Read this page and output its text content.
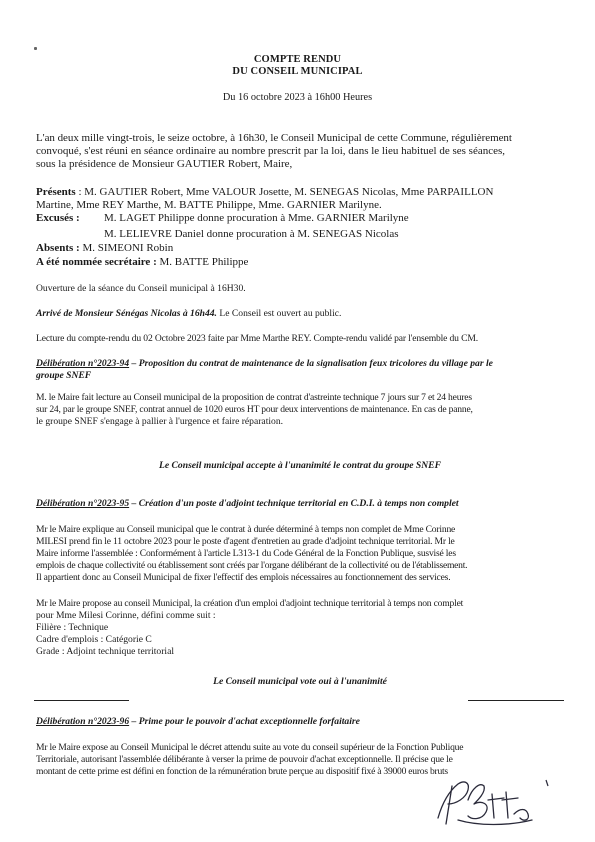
COMPTE RENDU
DU CONSEIL MUNICIPAL
Du 16 octobre 2023 à 16h00 Heures
L'an deux mille vingt-trois, le seize octobre, à 16h30, le Conseil Municipal de cette Commune, régulièrement
convoqué, s'est réuni en séance ordinaire au nombre prescrit par la loi, dans le lieu habituel de ses séances,
sous la présidence de Monsieur GAUTIER Robert, Maire,
Présents : M. GAUTIER Robert, Mme VALOUR Josette, M. SENEGAS Nicolas, Mme PARPAILLON
Martine, Mme REY Marthe, M. BATTE Philippe, Mme. GARNIER Marilyne.
Excusés : M. LAGET Philippe donne procuration à Mme. GARNIER Marilyne
M. LELIEVRE Daniel donne procuration à M. SENEGAS Nicolas
Absents : M. SIMEONI Robin
A été nommée secrétaire : M. BATTE Philippe
Ouverture de la séance du Conseil municipal à 16H30.
Arrivé de Monsieur Sénégas Nicolas à 16h44. Le Conseil est ouvert au public.
Lecture du compte-rendu du 02 Octobre 2023 faite par Mme Marthe REY. Compte-rendu validé par l'ensemble du CM.
Délibération n°2023-94 – Proposition du contrat de maintenance de la signalisation feux tricolores du village par le
groupe SNEF
M. le Maire fait lecture au Conseil municipal de la proposition de contrat d'astreinte technique 7 jours sur 7 et 24 heures
sur 24, par le groupe SNEF, contrat annuel de 1020 euros HT pour deux interventions de maintenance. En cas de panne,
le groupe SNEF s'engage à pallier à l'urgence et faire réparation.
Le Conseil municipal accepte à l'unanimité le contrat du groupe SNEF
Délibération n°2023-95 – Création d'un poste d'adjoint technique territorial en C.D.I. à temps non complet
Mr le Maire explique au Conseil municipal que le contrat à durée déterminé à temps non complet de Mme Corinne
MILESI prend fin le 11 octobre 2023 pour le poste d'agent d'entretien au grade d'adjoint technique territorial. Mr le
Maire informe l'assemblée : Conformément à l'article L313-1 du Code Général de la Fonction Publique, susvisé les
emplois de chaque collectivité ou établissement sont créés par l'organe délibérant de la collectivité ou de l'établissement.
Il appartient donc au Conseil Municipal de fixer l'effectif des emplois nécessaires au fonctionnement des services.
Mr le Maire propose au conseil Municipal, la création d'un emploi d'adjoint technique territorial à temps non complet
pour Mme Milesi Corinne, défini comme suit :
Filière : Technique
Cadre d'emplois : Catégorie C
Grade : Adjoint technique territorial
Le Conseil municipal vote oui à l'unanimité
Délibération n°2023-96 – Prime pour le pouvoir d'achat exceptionnelle forfaitaire
Mr le Maire expose au Conseil Municipal le décret attendu suite au vote du conseil supérieur de la Fonction Publique
Territoriale, autorisant l'assemblée délibérante à verser la prime de pouvoir d'achat exceptionnelle. Il précise que le
montant de cette prime est défini en fonction de la rémunération brute perçue au dispositif fixé à 39000 euros bruts
